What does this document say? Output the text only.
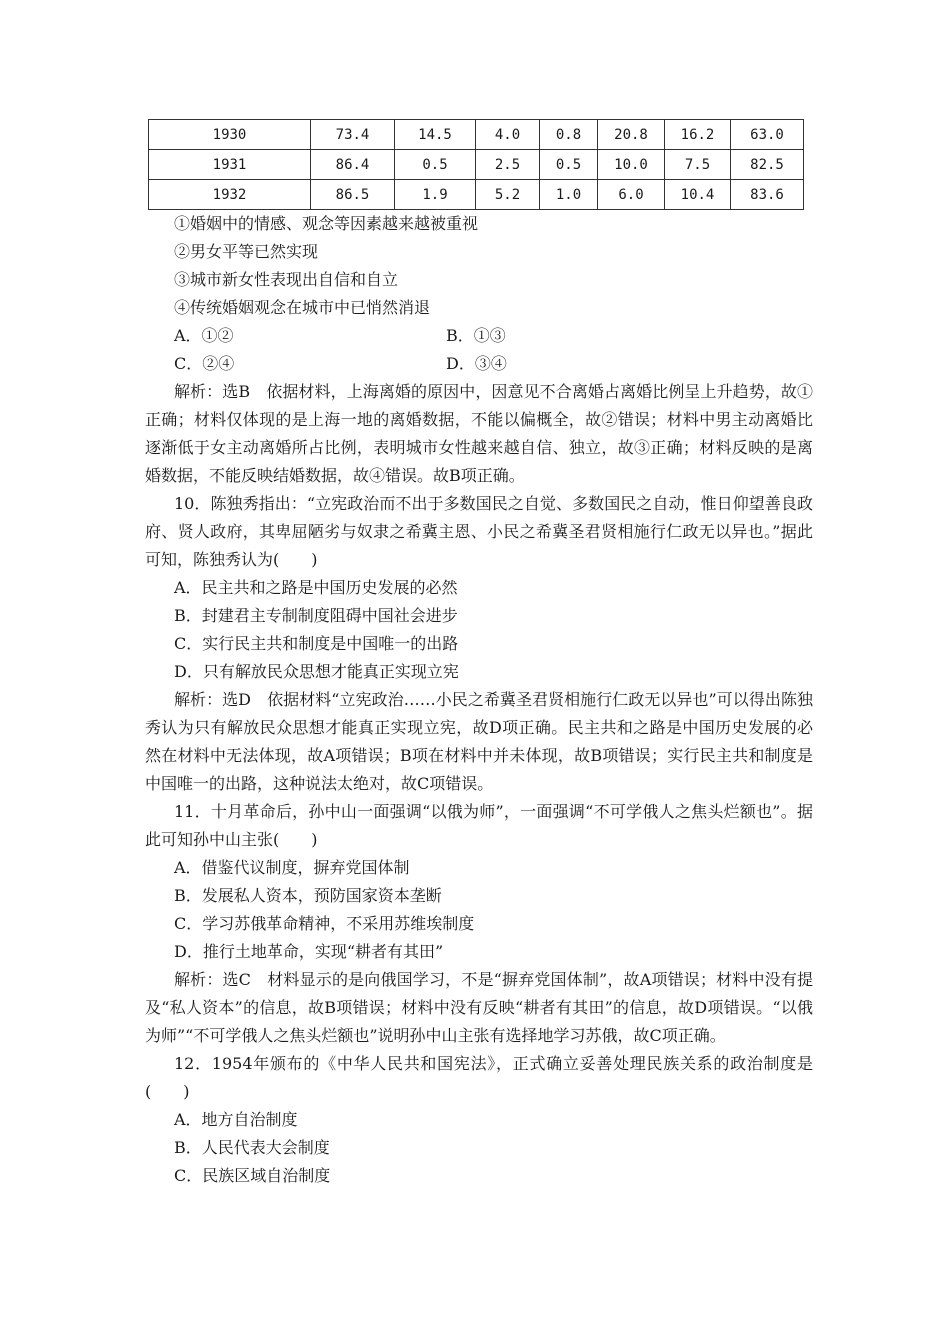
1930	73.4	14.5	4.0	0.8	20.8	16.2	63.0
1931	86.4	0.5	2.5	0.5	10.0	7.5	82.5
1932	86.5	1.9	5.2	1.0	6.0	10.4	83.6

①婚姻中的情感、观念等因素越来越被重视

②男女平等已然实现

③城市新女性表现出自信和自立

④传统婚姻观念在城市中已悄然消退

A．①②	B．①③
C．②④	D．③④

解析：选B　依据材料，上海离婚的原因中，因意见不合离婚占离婚比例呈上升趋势，故①正确；材料仅体现的是上海一地的离婚数据，不能以偏概全，故②错误；材料中男主动离婚比逐渐低于女主动离婚所占比例，表明城市女性越来越自信、独立，故③正确；材料反映的是离婚数据，不能反映结婚数据，故④错误。故B项正确。

10．陈独秀指出：“立宪政治而不出于多数国民之自觉、多数国民之自动，惟日仰望善良政府、贤人政府，其卑屈陋劣与奴隶之希冀主恩、小民之希冀圣君贤相施行仁政无以异也。”据此可知，陈独秀认为(　　)

A．民主共和之路是中国历史发展的必然

B．封建君主专制制度阻碍中国社会进步

C．实行民主共和制度是中国唯一的出路

D．只有解放民众思想才能真正实现立宪

解析：选D　依据材料“立宪政治……小民之希冀圣君贤相施行仁政无以异也”可以得出陈独秀认为只有解放民众思想才能真正实现立宪，故D项正确。民主共和之路是中国历史发展的必然在材料中无法体现，故A项错误；B项在材料中并未体现，故B项错误；实行民主共和制度是中国唯一的出路，这种说法太绝对，故C项错误。

11．十月革命后，孙中山一面强调“以俄为师”，一面强调“不可学俄人之焦头烂额也”。据此可知孙中山主张(　　)

A．借鉴代议制度，摒弃党国体制

B．发展私人资本，预防国家资本垄断

C．学习苏俄革命精神，不采用苏维埃制度

D．推行土地革命，实现“耕者有其田”

解析：选C　材料显示的是向俄国学习，不是“摒弃党国体制”，故A项错误；材料中没有提及“私人资本”的信息，故B项错误；材料中没有反映“耕者有其田”的信息，故D项错误。“以俄为师”“不可学俄人之焦头烂额也”说明孙中山主张有选择地学习苏俄，故C项正确。

12．1954年颁布的《中华人民共和国宪法》，正式确立妥善处理民族关系的政治制度是(　　)

A．地方自治制度

B．人民代表大会制度

C．民族区域自治制度
